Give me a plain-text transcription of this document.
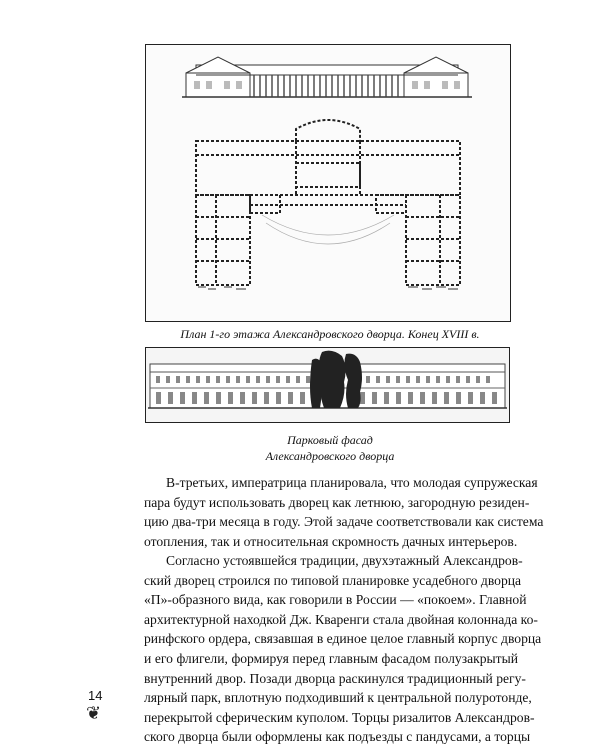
План 1-го этажа Александровского дворца. Конец XVIII в.
Парковый фасад
Александровского дворца
В-третьих, императрица планировала, что молодая супружеская
пара будут использовать дворец как летнюю, загородную резиден-
цию два-три месяца в году. Этой задаче соответствовали как система
отопления, так и относительная скромность дачных интерьеров.
Согласно устоявшейся традиции, двухэтажный Александров-
ский дворец строился по типовой планировке усадебного дворца
«П»-образного вида, как говорили в России — «покоем». Главной
архитектурной находкой Дж. Кваренги стала двойная колоннада ко-
ринфского ордера, связавшая в единое целое главный корпус дворца
и его флигели, формируя перед главным фасадом полузакрытый
внутренний двор. Позади дворца раскинулся традиционный регу-
лярный парк, вплотную подходивший к центральной полуротонде,
перекрытой сферическим куполом. Торцы ризалитов Александров-
ского дворца были оформлены как подъезды с пандусами, а торцы
14
❦
